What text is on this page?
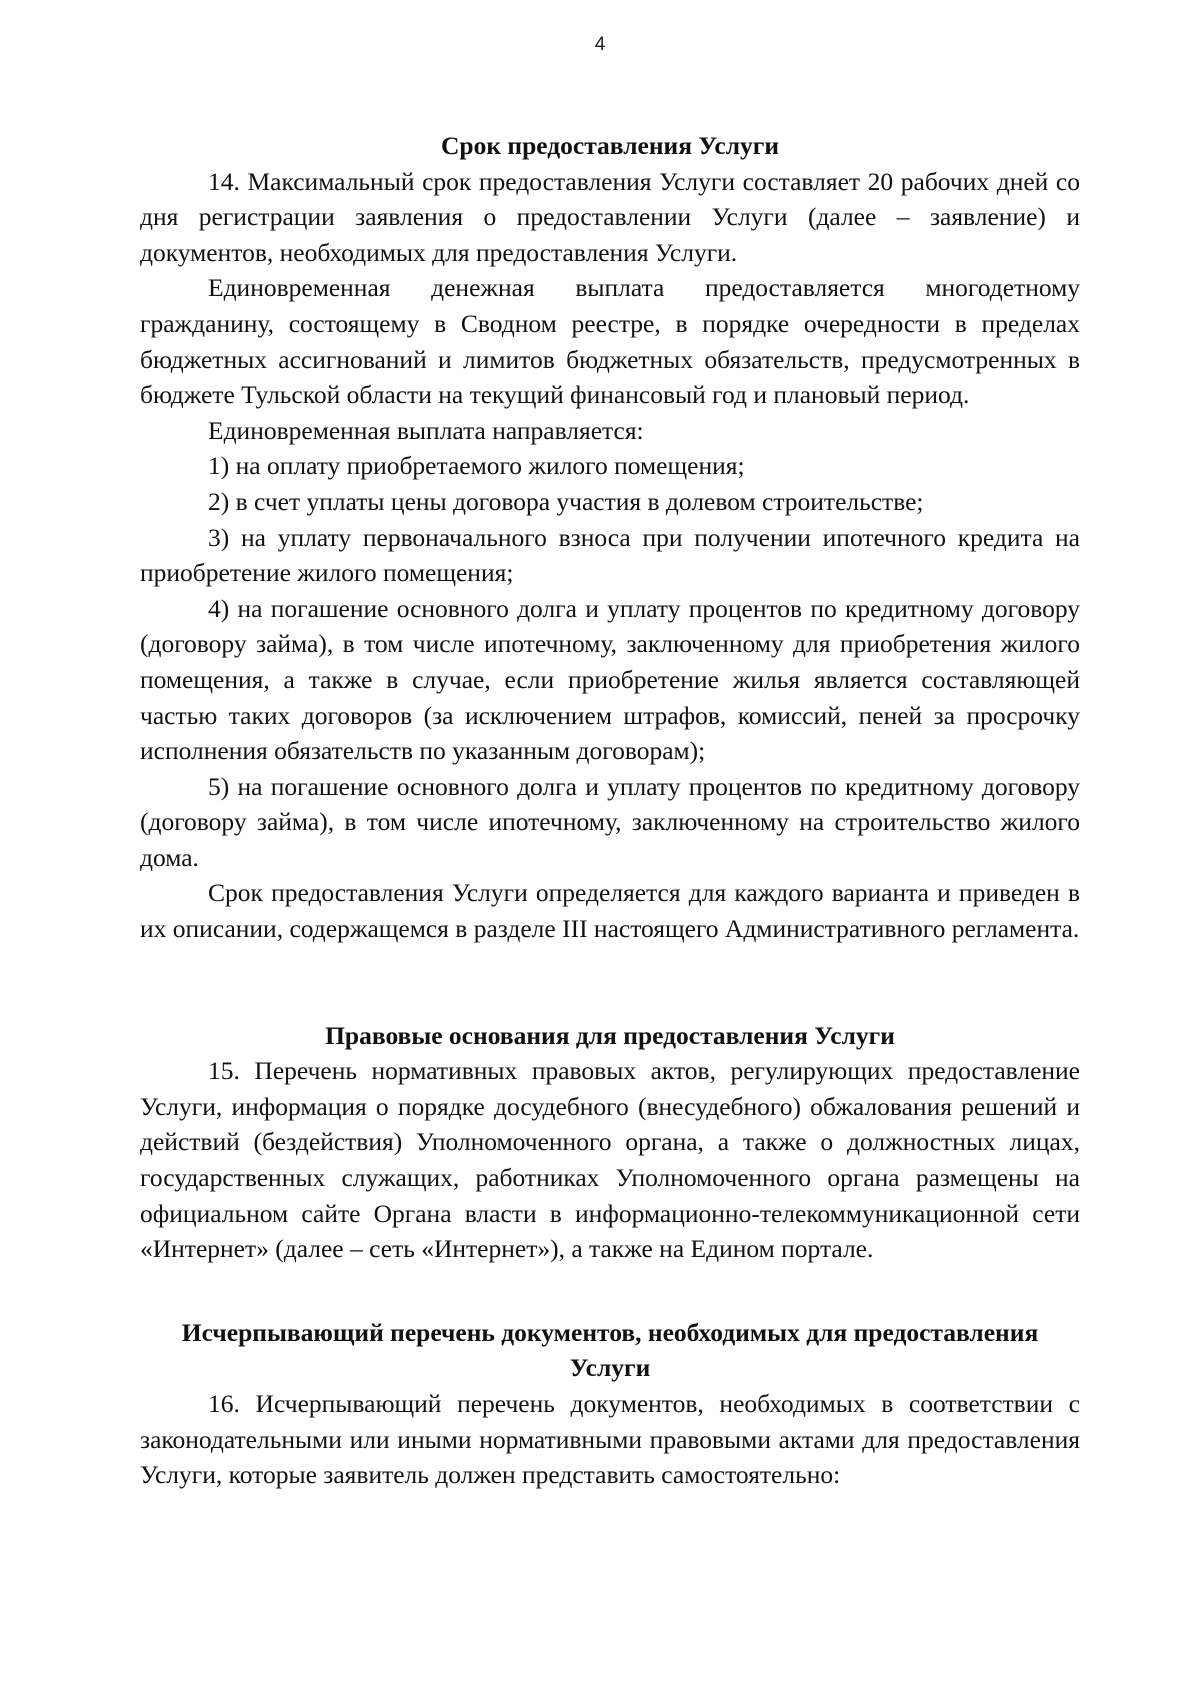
4
Срок предоставления Услуги

14. Максимальный срок предоставления Услуги составляет 20 рабочих дней со дня регистрации заявления о предоставлении Услуги (далее – заявление) и документов, необходимых для предоставления Услуги.

Единовременная денежная выплата предоставляется многодетному гражданину, состоящему в Сводном реестре, в порядке очередности в пределах бюджетных ассигнований и лимитов бюджетных обязательств, предусмотренных в бюджете Тульской области на текущий финансовый год и плановый период.

Единовременная выплата направляется:

1) на оплату приобретаемого жилого помещения;

2) в счет уплаты цены договора участия в долевом строительстве;

3) на уплату первоначального взноса при получении ипотечного кредита на приобретение жилого помещения;

4) на погашение основного долга и уплату процентов по кредитному договору (договору займа), в том числе ипотечному, заключенному для приобретения жилого помещения, а также в случае, если приобретение жилья является составляющей частью таких договоров (за исключением штрафов, комиссий, пеней за просрочку исполнения обязательств по указанным договорам);

5) на погашение основного долга и уплату процентов по кредитному договору (договору займа), в том числе ипотечному, заключенному на строительство жилого дома.

Срок предоставления Услуги определяется для каждого варианта и приведен в их описании, содержащемся в разделе III настоящего Административного регламента.

Правовые основания для предоставления Услуги

15. Перечень нормативных правовых актов, регулирующих предоставление Услуги, информация о порядке досудебного (внесудебного) обжалования решений и действий (бездействия) Уполномоченного органа, а также о должностных лицах, государственных служащих, работниках Уполномоченного органа размещены на официальном сайте Органа власти в информационно-телекоммуникационной сети «Интернет» (далее – сеть «Интернет»), а также на Едином портале.

Исчерпывающий перечень документов, необходимых для предоставления Услуги

16. Исчерпывающий перечень документов, необходимых в соответствии с законодательными или иными нормативными правовыми актами для предоставления Услуги, которые заявитель должен представить самостоятельно:
